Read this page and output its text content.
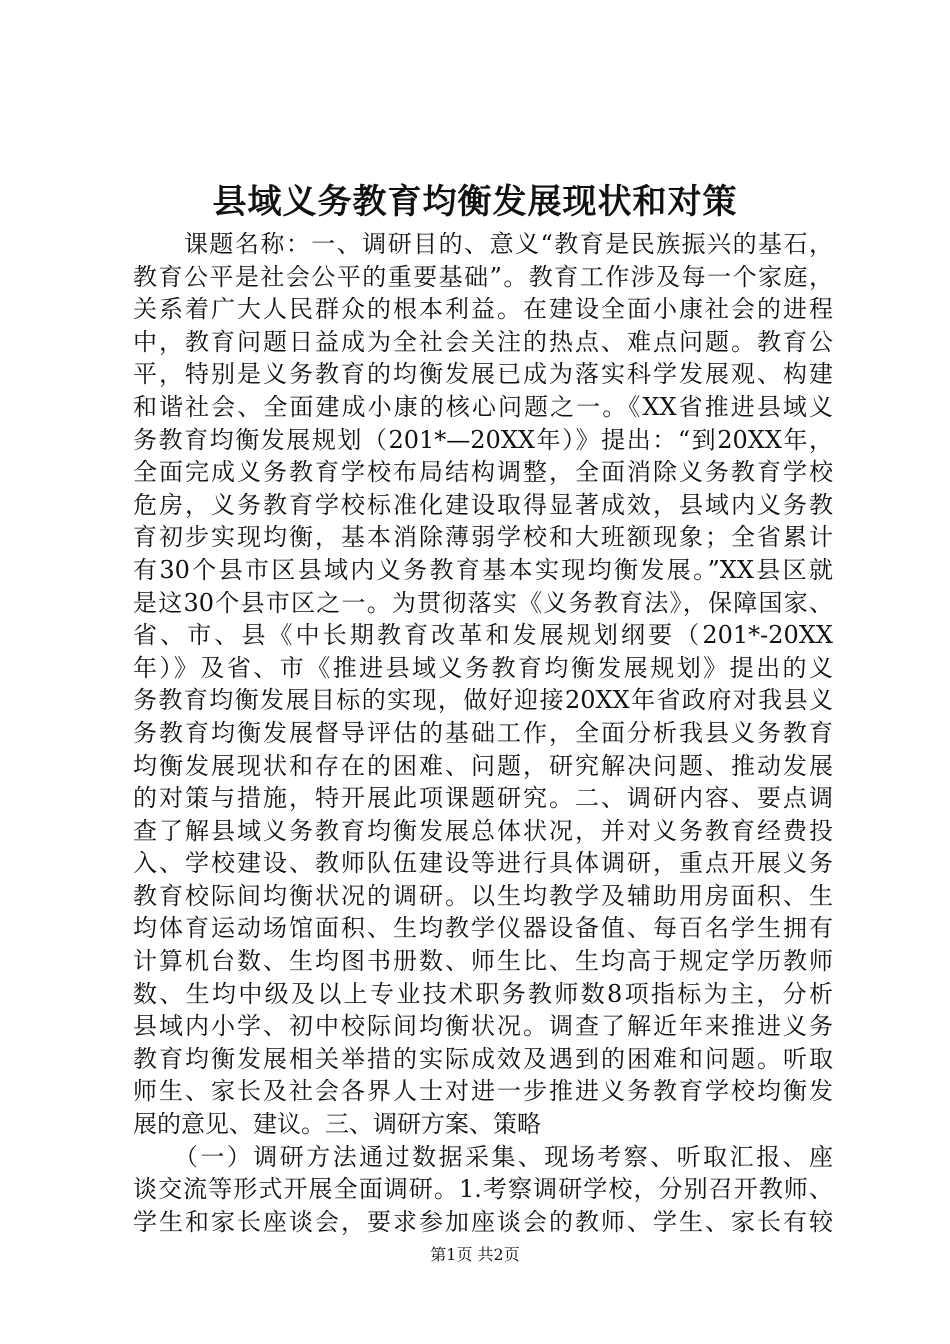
县域义务教育均衡发展现状和对策
　　课题名称：一、调研目的、意义“教育是民族振兴的基石，
教育公平是社会公平的重要基础”。教育工作涉及每一个家庭，
关系着广大人民群众的根本利益。在建设全面小康社会的进程
中，教育问题日益成为全社会关注的热点、难点问题。教育公
平，特别是义务教育的均衡发展已成为落实科学发展观、构建
和谐社会、全面建成小康的核心问题之一。《XX省推进县域义
务教育均衡发展规划（201*—20XX年）》提出：“到20XX年，
全面完成义务教育学校布局结构调整，全面消除义务教育学校
危房，义务教育学校标准化建设取得显著成效，县域内义务教
育初步实现均衡，基本消除薄弱学校和大班额现象；全省累计
有30个县市区县域内义务教育基本实现均衡发展。”XX县区就
是这30个县市区之一。为贯彻落实《义务教育法》，保障国家、
省、市、县《中长期教育改革和发展规划纲要（201*-20XX
年）》及省、市《推进县域义务教育均衡发展规划》提出的义
务教育均衡发展目标的实现，做好迎接20XX年省政府对我县义
务教育均衡发展督导评估的基础工作，全面分析我县义务教育
均衡发展现状和存在的困难、问题，研究解决问题、推动发展
的对策与措施，特开展此项课题研究。二、调研内容、要点调
查了解县域义务教育均衡发展总体状况，并对义务教育经费投
入、学校建设、教师队伍建设等进行具体调研，重点开展义务
教育校际间均衡状况的调研。以生均教学及辅助用房面积、生
均体育运动场馆面积、生均教学仪器设备值、每百名学生拥有
计算机台数、生均图书册数、师生比、生均高于规定学历教师
数、生均中级及以上专业技术职务教师数8项指标为主，分析
县域内小学、初中校际间均衡状况。调查了解近年来推进义务
教育均衡发展相关举措的实际成效及遇到的困难和问题。听取
师生、家长及社会各界人士对进一步推进义务教育学校均衡发
展的意见、建议。三、调研方案、策略
　　（一）调研方法通过数据采集、现场考察、听取汇报、座
谈交流等形式开展全面调研。1.考察调研学校，分别召开教师、
学生和家长座谈会，要求参加座谈会的教师、学生、家长有较
第1页 共2页
